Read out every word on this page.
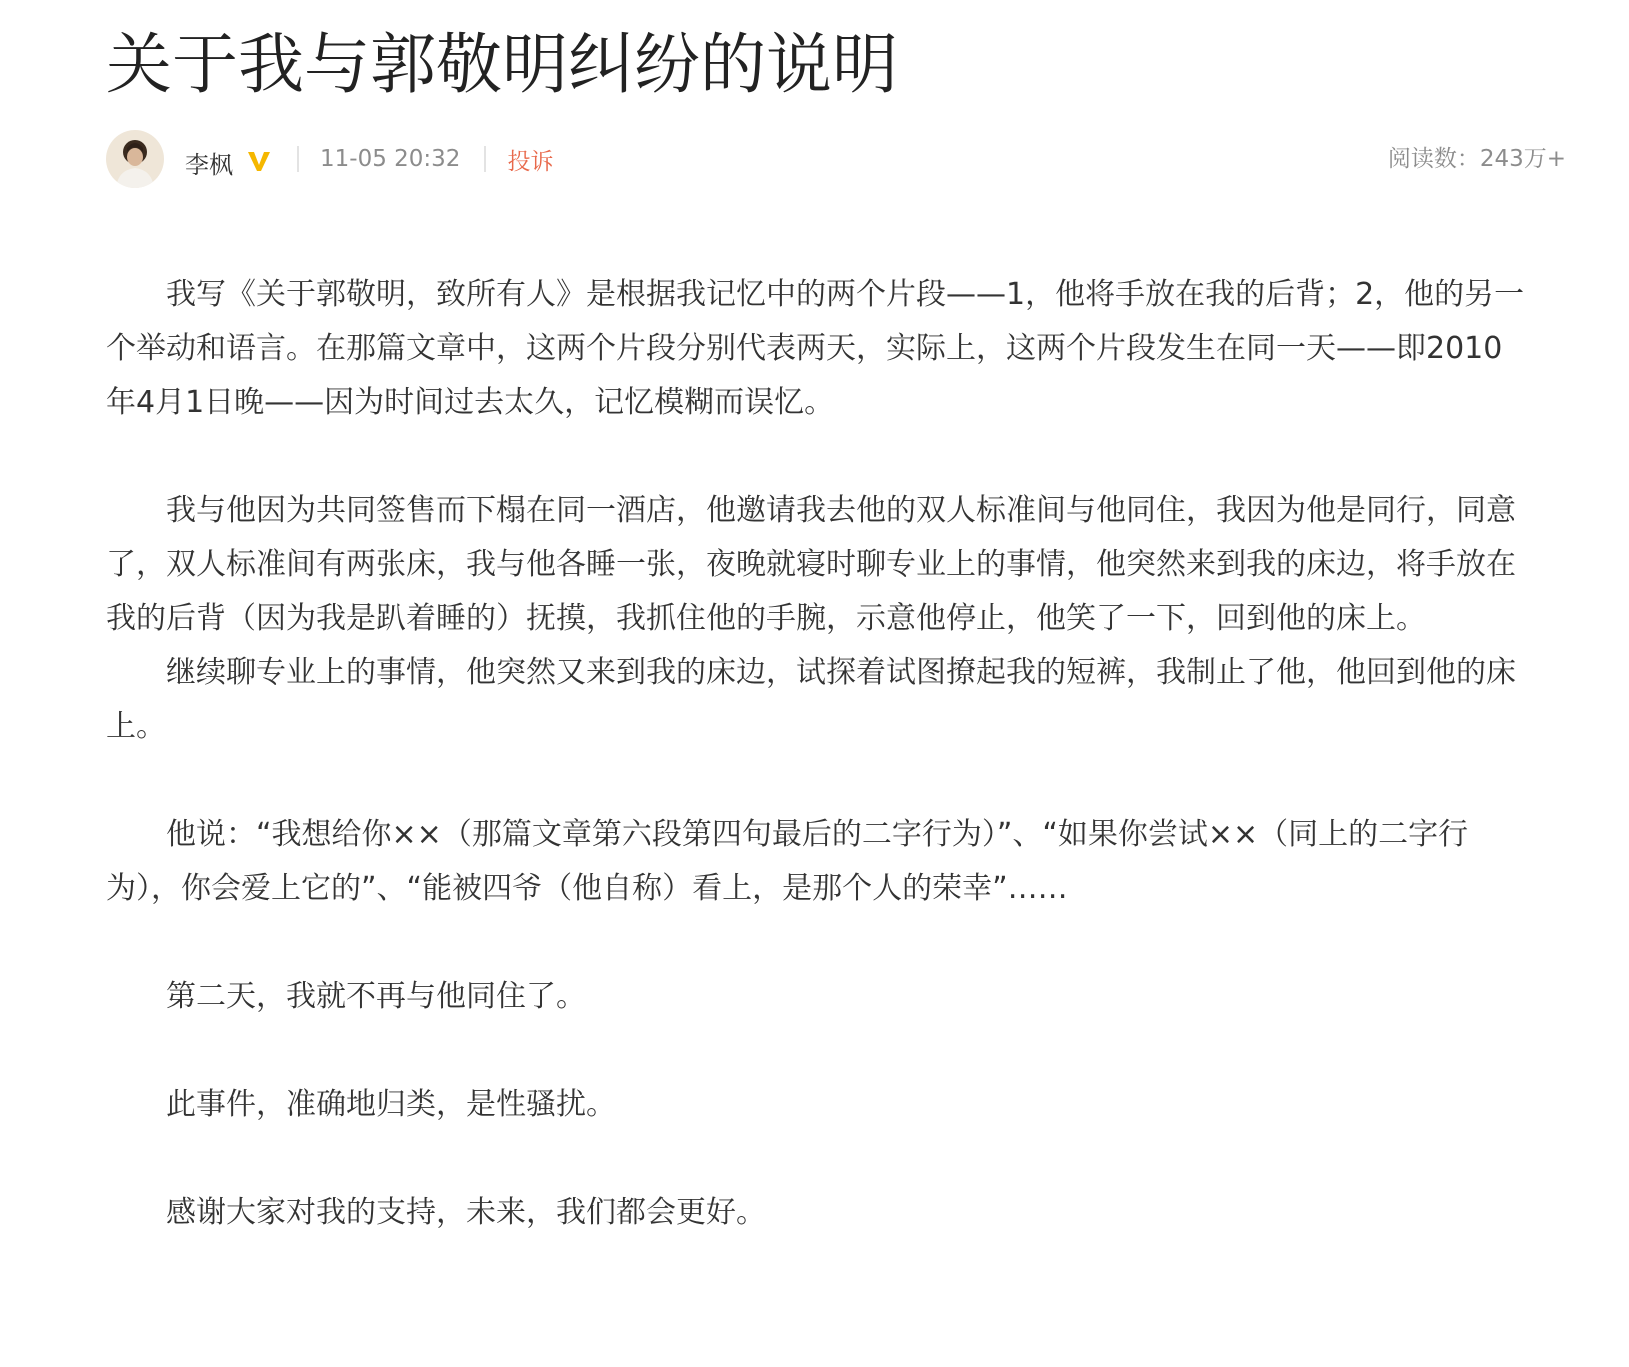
关于我与郭敬明纠纷的说明
李枫	11-05 20:32 投诉	阅读数：243万+

我写《关于郭敬明，致所有人》是根据我记忆中的两个片段——1，他将手放在我的后背；2，他的另一个举动和语言。在那篇文章中，这两个片段分别代表两天，实际上，这两个片段发生在同一天——即2010年4月1日晚——因为时间过去太久，记忆模糊而误忆。

我与他因为共同签售而下榻在同一酒店，他邀请我去他的双人标准间与他同住，我因为他是同行，同意了，双人标准间有两张床，我与他各睡一张，夜晚就寝时聊专业上的事情，他突然来到我的床边，将手放在我的后背（因为我是趴着睡的）抚摸，我抓住他的手腕，示意他停止，他笑了一下，回到他的床上。

继续聊专业上的事情，他突然又来到我的床边，试探着试图撩起我的短裤，我制止了他，他回到他的床上。

他说：“我想给你××（那篇文章第六段第四句最后的二字行为）”、“如果你尝试××（同上的二字行为），你会爱上它的”、“能被四爷（他自称）看上，是那个人的荣幸”……

第二天，我就不再与他同住了。

此事件，准确地归类，是性骚扰。

感谢大家对我的支持，未来，我们都会更好。
